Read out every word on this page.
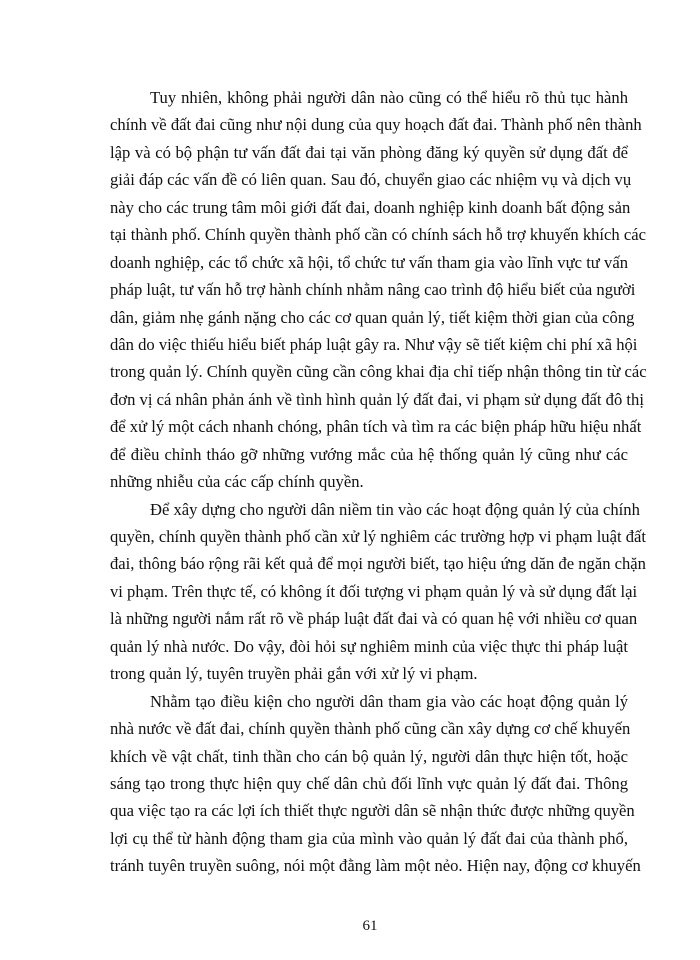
Tuy nhiên, không phải người dân nào cũng có thể hiểu rõ thủ tục hành
chính về đất đai cũng như nội dung của quy hoạch đất đai. Thành phố nên thành
lập và có bộ phận tư vấn đất đai tại văn phòng đăng ký quyền sử dụng đất để
giải đáp các vấn đề có liên quan. Sau đó, chuyển giao các nhiệm vụ và dịch vụ
này cho các trung tâm môi giới đất đai, doanh nghiệp kinh doanh bất động sản
tại thành phố. Chính quyền thành phố cần có chính sách hỗ trợ khuyến khích các
doanh nghiệp, các tổ chức xã hội, tổ chức tư vấn tham gia vào lĩnh vực tư vấn
pháp luật, tư vấn hỗ trợ hành chính nhằm nâng cao trình độ hiểu biết của người
dân, giảm nhẹ gánh nặng cho các cơ quan quản lý, tiết kiệm thời gian của công
dân do việc thiếu hiểu biết pháp luật gây ra. Như vậy sẽ tiết kiệm chi phí xã hội
trong quản lý. Chính quyền cũng cần công khai địa chỉ tiếp nhận thông tin từ các
đơn vị cá nhân phản ánh về tình hình quản lý đất đai, vi phạm sử dụng đất đô thị
để xử lý một cách nhanh chóng, phân tích và tìm ra các biện pháp hữu hiệu nhất
để điều chỉnh tháo gỡ những vướng mắc của hệ thống quản lý cũng như các
những nhiễu của các cấp chính quyền.
Để xây dựng cho người dân niềm tin vào các hoạt động quản lý của chính
quyền, chính quyền thành phố cần xử lý nghiêm các trường hợp vi phạm luật đất
đai, thông báo rộng rãi kết quả để mọi người biết, tạo hiệu ứng dăn đe ngăn chặn
vi phạm. Trên thực tế, có không ít đối tượng vi phạm quản lý và sử dụng đất lại
là những người nắm rất rõ về pháp luật đất đai và có quan hệ với nhiều cơ quan
quản lý nhà nước. Do vậy, đòi hỏi sự nghiêm minh của việc thực thi pháp luật
trong quản lý, tuyên truyền phải gắn với xử lý vi phạm.
Nhằm tạo điều kiện cho người dân tham gia vào các hoạt động quản lý
nhà nước về đất đai, chính quyền thành phố cũng cần xây dựng cơ chế khuyến
khích về vật chất, tinh thần cho cán bộ quản lý, người dân thực hiện tốt, hoặc
sáng tạo trong thực hiện quy chế dân chủ đối lĩnh vực quản lý đất đai. Thông
qua việc tạo ra các lợi ích thiết thực người dân sẽ nhận thức được những quyền
lợi cụ thể từ hành động tham gia của mình vào quản lý đất đai của thành phố,
tránh tuyên truyền suông, nói một đằng làm một nẻo. Hiện nay, động cơ khuyến
61
